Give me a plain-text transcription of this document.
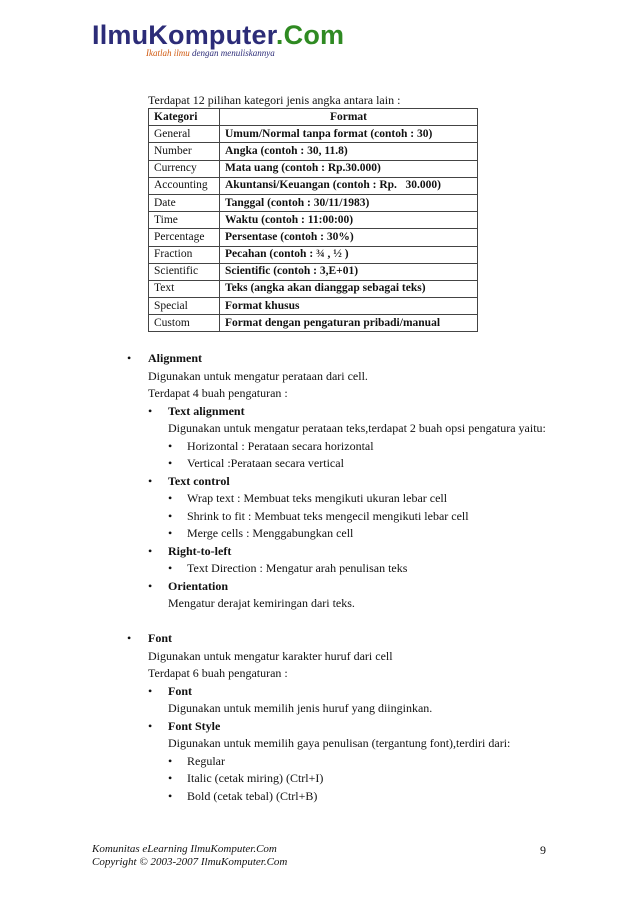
IlmuKomputer.Com
Ikatlah ilmu dengan menuliskannya
Terdapat 12 pilihan kategori jenis angka antara lain :
Kategori	Format
General	Umum/Normal tanpa format (contoh : 30)
Number	Angka (contoh : 30, 11.8)
Currency	Mata uang (contoh : Rp.30.000)
Accounting	Akuntansi/Keuangan (contoh : Rp.   30.000)
Date	Tanggal (contoh : 30/11/1983)
Time	Waktu (contoh : 11:00:00)
Percentage	Persentase (contoh : 30%)
Fraction	Pecahan (contoh : ¾ , ½ )
Scientific	Scientific (contoh : 3,E+01)
Text	Teks (angka akan dianggap sebagai teks)
Special	Format khusus
Custom	Format dengan pengaturan pribadi/manual
• Alignment
Digunakan untuk mengatur perataan dari cell.
Terdapat 4 buah pengaturan :
• Text alignment
Digunakan untuk mengatur perataan teks,terdapat 2 buah opsi pengatura yaitu:
• Horizontal : Perataan secara horizontal
• Vertical :Perataan secara vertical
• Text control
• Wrap text : Membuat teks mengikuti ukuran lebar cell
• Shrink to fit : Membuat teks mengecil mengikuti lebar cell
• Merge cells : Menggabungkan cell
• Right-to-left
• Text Direction : Mengatur arah penulisan teks
• Orientation
Mengatur derajat kemiringan dari teks.
• Font
Digunakan untuk mengatur karakter huruf dari cell
Terdapat 6 buah pengaturan :
• Font
Digunakan untuk memilih jenis huruf yang diinginkan.
• Font Style
Digunakan untuk memilih gaya penulisan (tergantung font),terdiri dari:
• Regular
• Italic (cetak miring) (Ctrl+I)
• Bold (cetak tebal) (Ctrl+B)
Komunitas eLearning IlmuKomputer.Com
Copyright © 2003-2007 IlmuKomputer.Com
9
